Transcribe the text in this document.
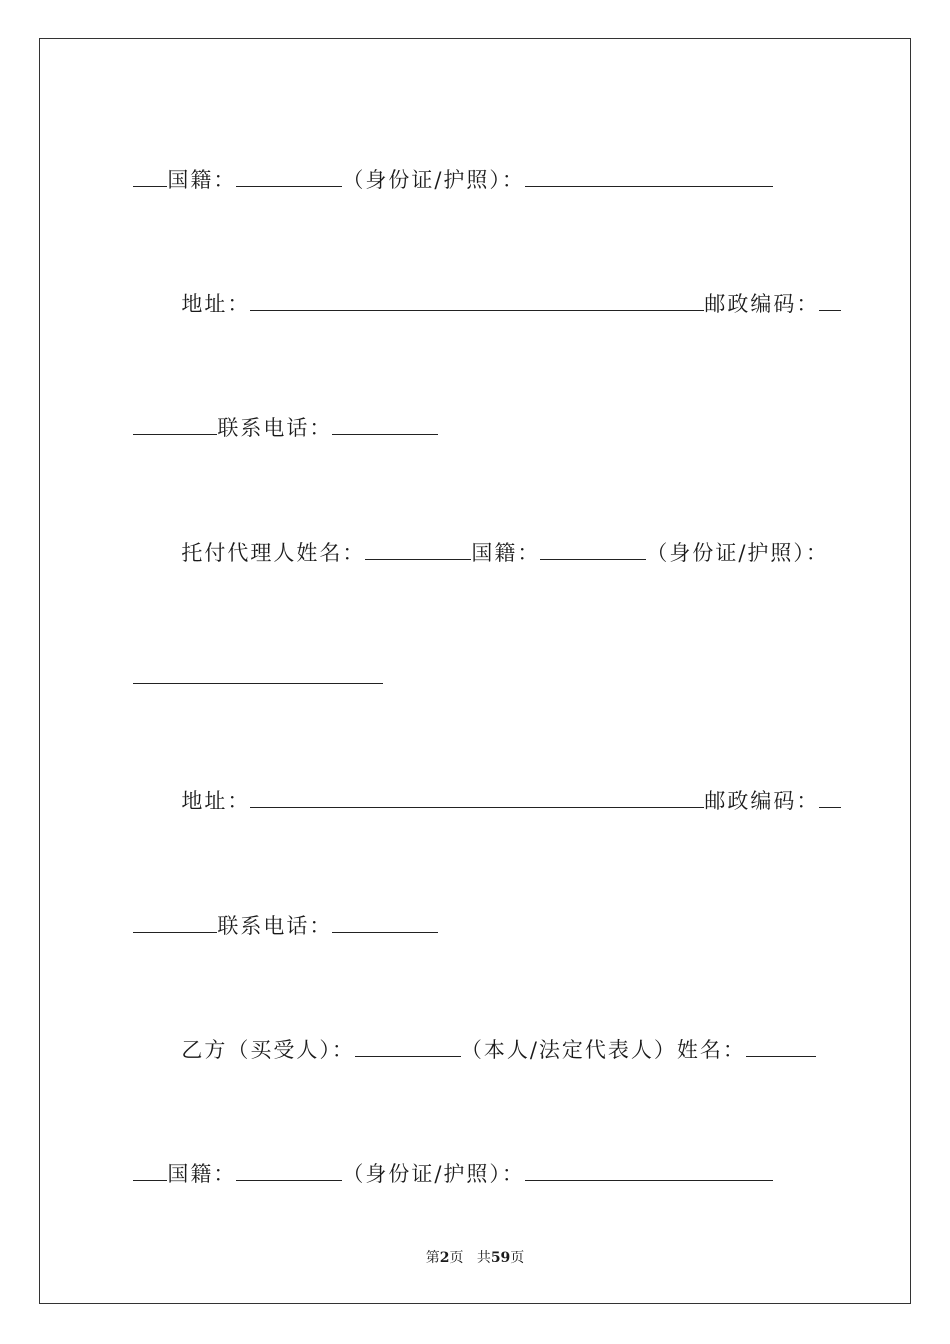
国籍：	（身份证/护照）：

地址：	邮政编码：

联系电话：

托付代理人姓名：	国籍：	（身份证/护照）：

地址：	邮政编码：

联系电话：

乙方（买受人）：	（本人/法定代表人）姓名：

国籍：	（身份证/护照）：

第2页 共59页
